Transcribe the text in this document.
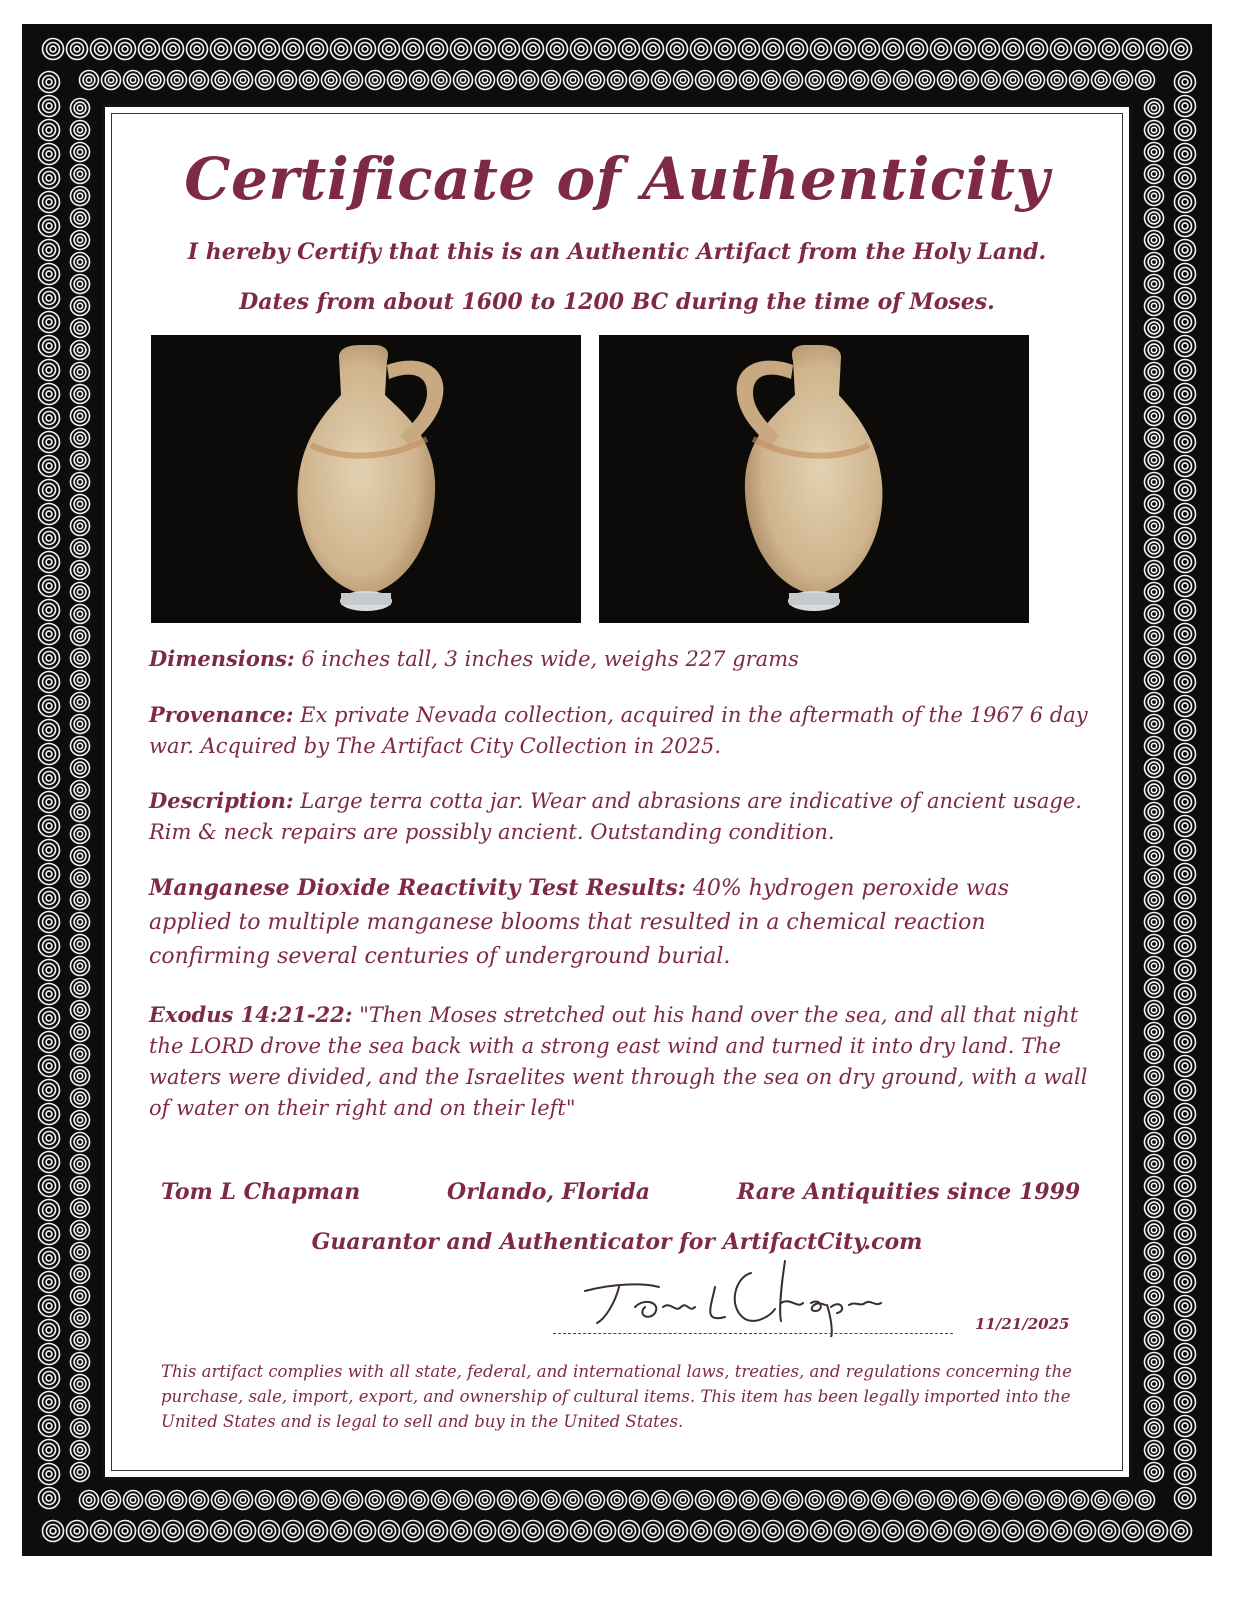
Certificate of Authenticity
I hereby Certify that this is an Authentic Artifact from the Holy Land.
Dates from about 1600 to 1200 BC during the time of Moses.
Dimensions: 6 inches tall, 3 inches wide, weighs 227 grams
Provenance: Ex private Nevada collection, acquired in the aftermath of the 1967 6 day war. Acquired by The Artifact City Collection in 2025.
Description: Large terra cotta jar. Wear and abrasions are indicative of ancient usage. Rim & neck repairs are possibly ancient. Outstanding condition.
Manganese Dioxide Reactivity Test Results: 40% hydrogen peroxide was applied to multiple manganese blooms that resulted in a chemical reaction confirming several centuries of underground burial.
Exodus 14:21-22: "Then Moses stretched out his hand over the sea, and all that night the LORD drove the sea back with a strong east wind and turned it into dry land. The waters were divided, and the Israelites went through the sea on dry ground, with a wall of water on their right and on their left"
Tom L Chapman	Orlando, Florida	Rare Antiquities since 1999
Guarantor and Authenticator for ArtifactCity.com
11/21/2025
This artifact complies with all state, federal, and international laws, treaties, and regulations concerning the purchase, sale, import, export, and ownership of cultural items. This item has been legally imported into the United States and is legal to sell and buy in the United States.
